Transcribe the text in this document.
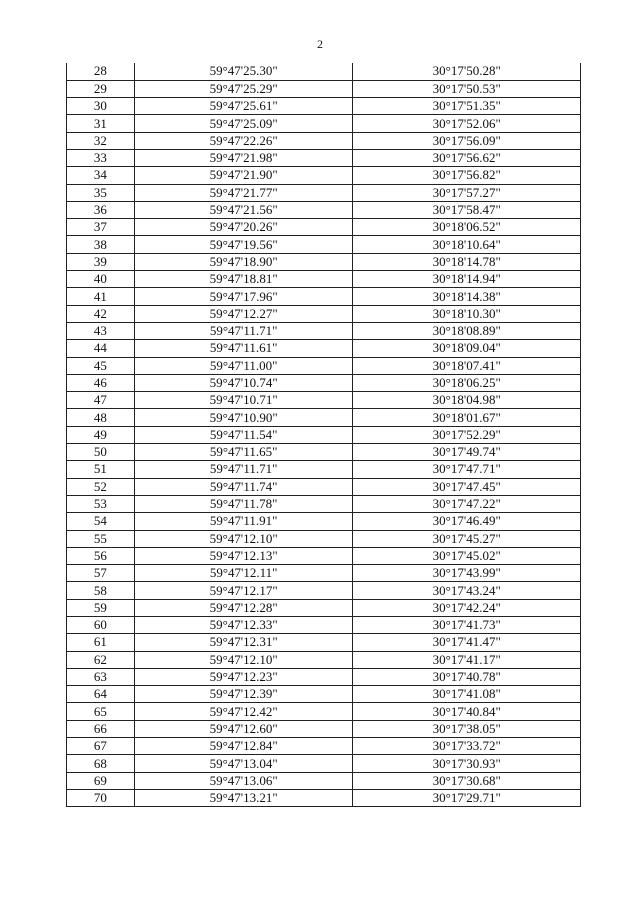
2
28	59°47'25.30"	30°17'50.28"
29	59°47'25.29"	30°17'50.53"
30	59°47'25.61"	30°17'51.35"
31	59°47'25.09"	30°17'52.06"
32	59°47'22.26"	30°17'56.09"
33	59°47'21.98"	30°17'56.62"
34	59°47'21.90"	30°17'56.82"
35	59°47'21.77"	30°17'57.27"
36	59°47'21.56"	30°17'58.47"
37	59°47'20.26"	30°18'06.52"
38	59°47'19.56"	30°18'10.64"
39	59°47'18.90"	30°18'14.78"
40	59°47'18.81"	30°18'14.94"
41	59°47'17.96"	30°18'14.38"
42	59°47'12.27"	30°18'10.30"
43	59°47'11.71"	30°18'08.89"
44	59°47'11.61"	30°18'09.04"
45	59°47'11.00"	30°18'07.41"
46	59°47'10.74"	30°18'06.25"
47	59°47'10.71"	30°18'04.98"
48	59°47'10.90"	30°18'01.67"
49	59°47'11.54"	30°17'52.29"
50	59°47'11.65"	30°17'49.74"
51	59°47'11.71"	30°17'47.71"
52	59°47'11.74"	30°17'47.45"
53	59°47'11.78"	30°17'47.22"
54	59°47'11.91"	30°17'46.49"
55	59°47'12.10"	30°17'45.27"
56	59°47'12.13"	30°17'45.02"
57	59°47'12.11"	30°17'43.99"
58	59°47'12.17"	30°17'43.24"
59	59°47'12.28"	30°17'42.24"
60	59°47'12.33"	30°17'41.73"
61	59°47'12.31"	30°17'41.47"
62	59°47'12.10"	30°17'41.17"
63	59°47'12.23"	30°17'40.78"
64	59°47'12.39"	30°17'41.08"
65	59°47'12.42"	30°17'40.84"
66	59°47'12.60"	30°17'38.05"
67	59°47'12.84"	30°17'33.72"
68	59°47'13.04"	30°17'30.93"
69	59°47'13.06"	30°17'30.68"
70	59°47'13.21"	30°17'29.71"
